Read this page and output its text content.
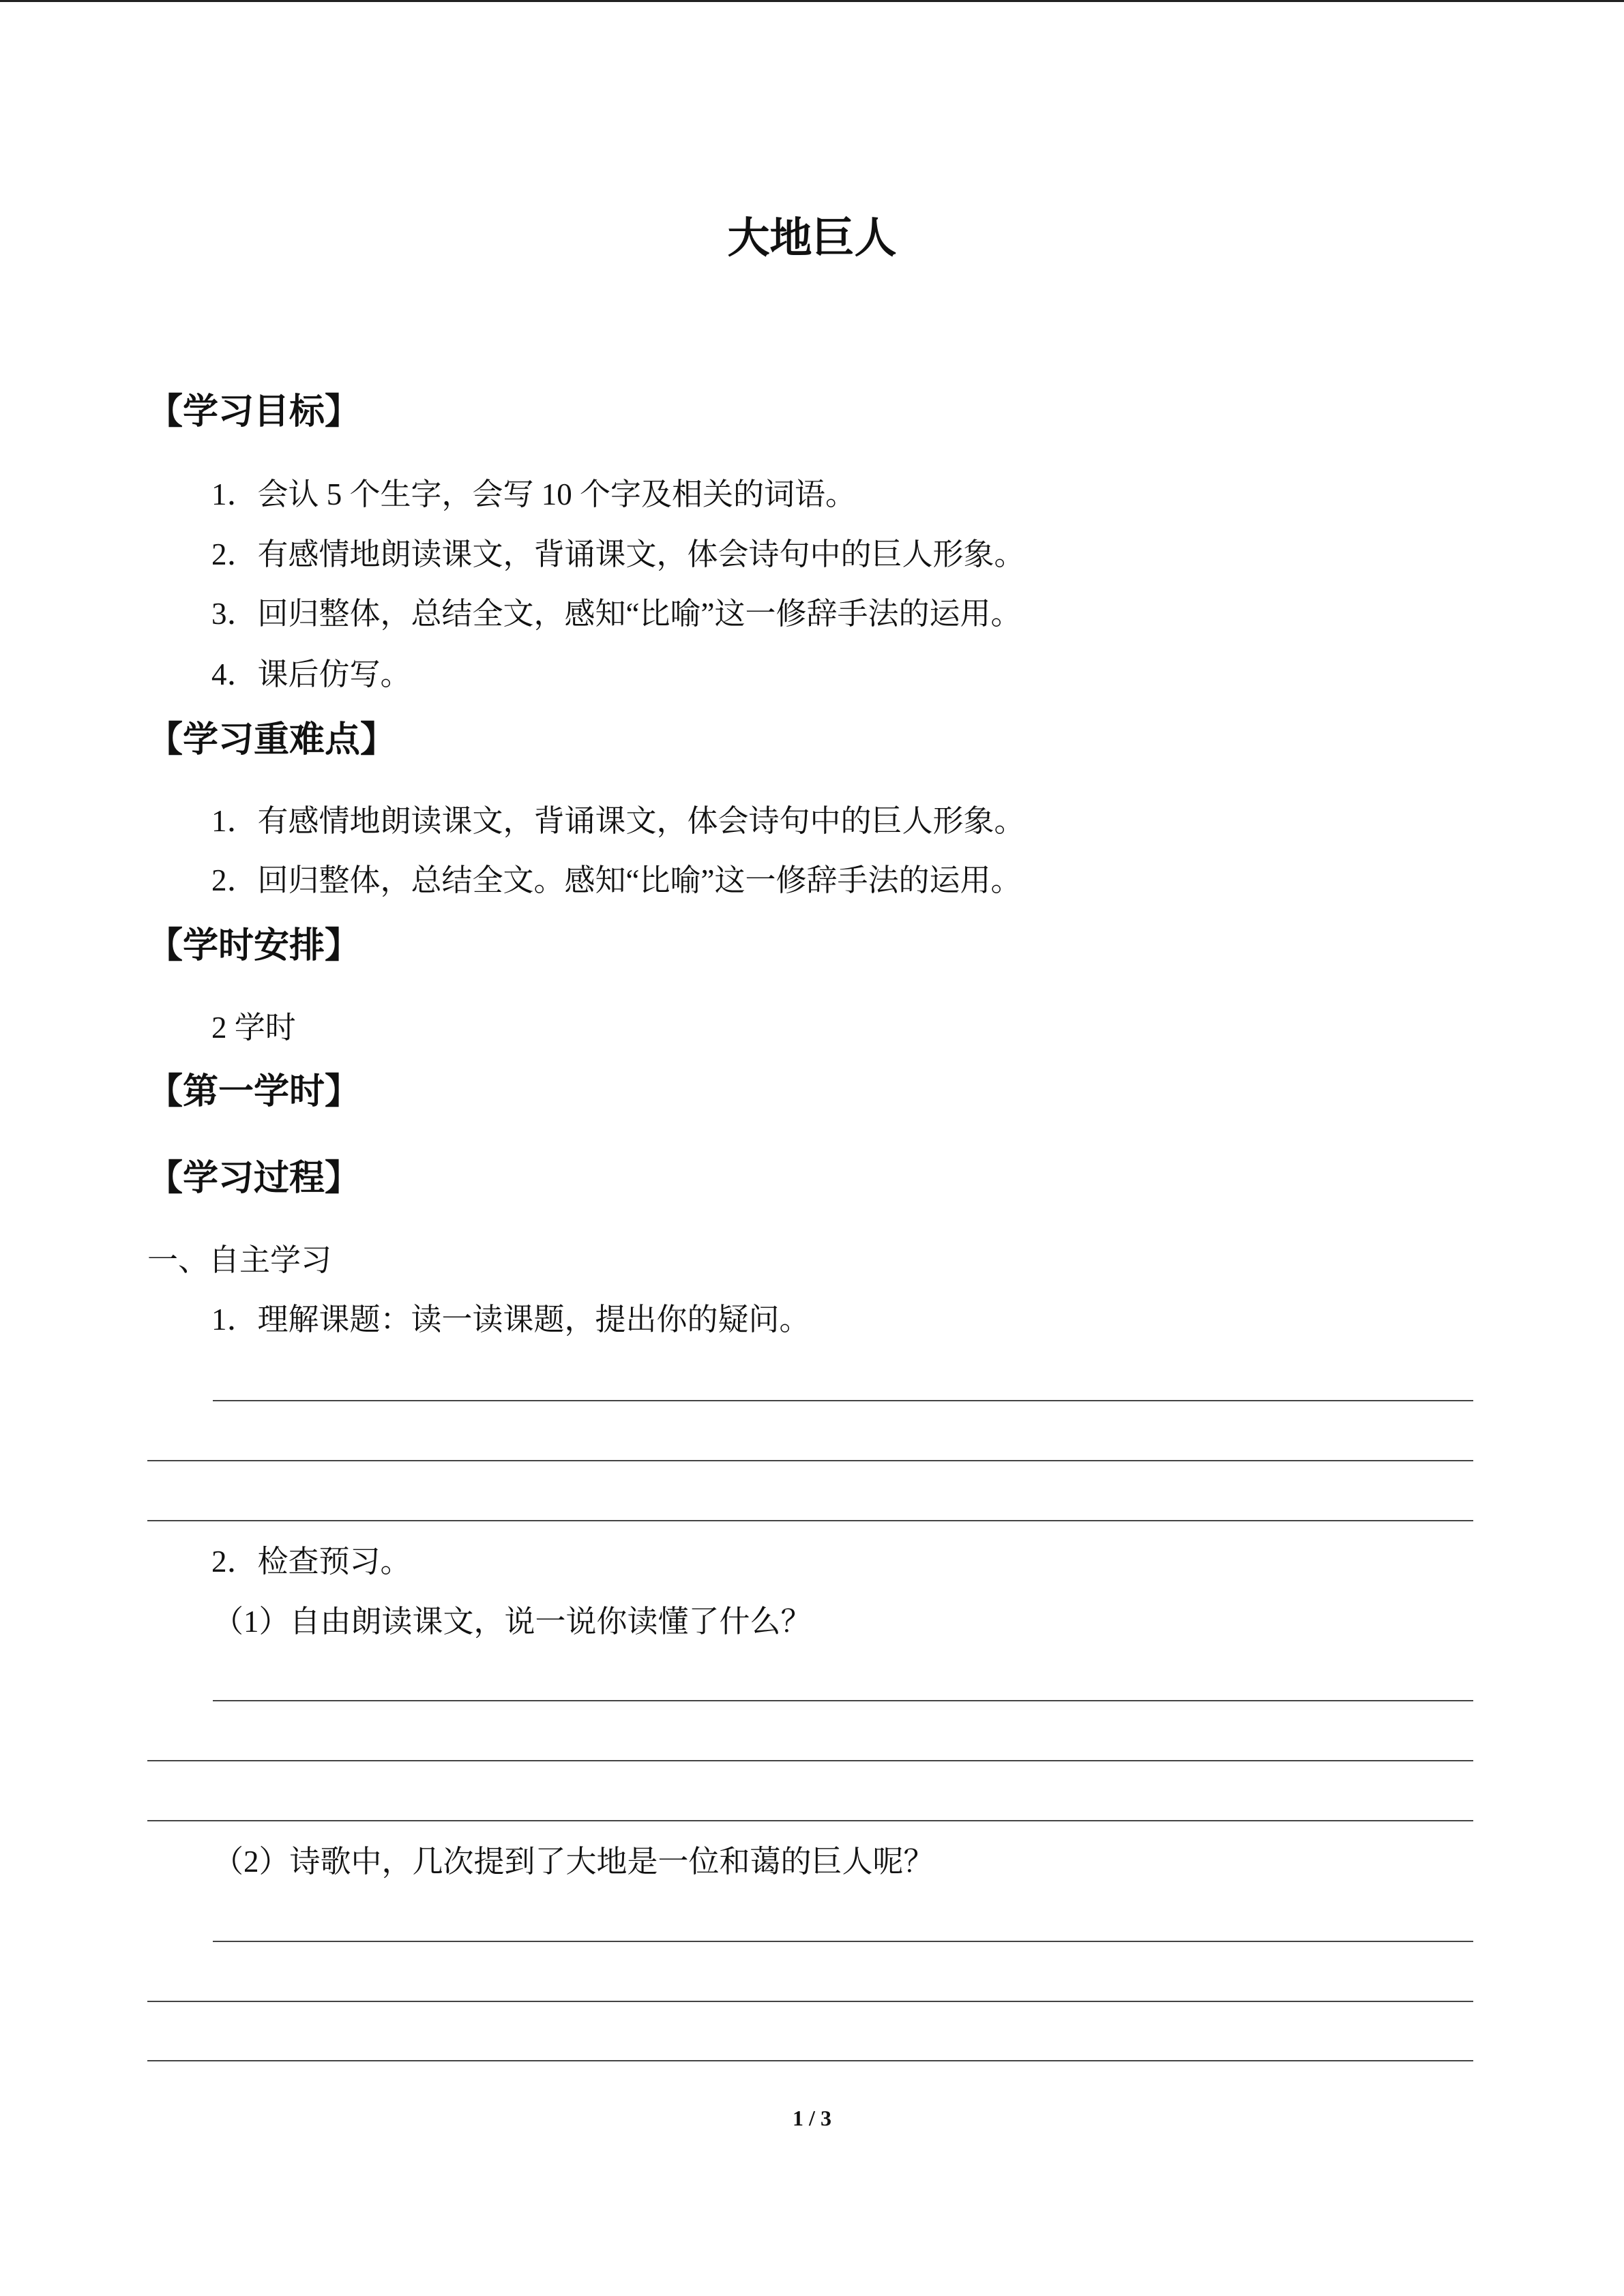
大地巨人
【学习目标】
1．会认 5 个生字，会写 10 个字及相关的词语。
2．有感情地朗读课文，背诵课文，体会诗句中的巨人形象。
3．回归整体，总结全文，感知“比喻”这一修辞手法的运用。
4．课后仿写。
【学习重难点】
1．有感情地朗读课文，背诵课文，体会诗句中的巨人形象。
2．回归整体，总结全文。感知“比喻”这一修辞手法的运用。
【学时安排】
2 学时
【第一学时】
【学习过程】
一、自主学习
1．理解课题：读一读课题，提出你的疑问。
2．检查预习。
（1）自由朗读课文，说一说你读懂了什么？
（2）诗歌中，几次提到了大地是一位和蔼的巨人呢？
1 / 3
